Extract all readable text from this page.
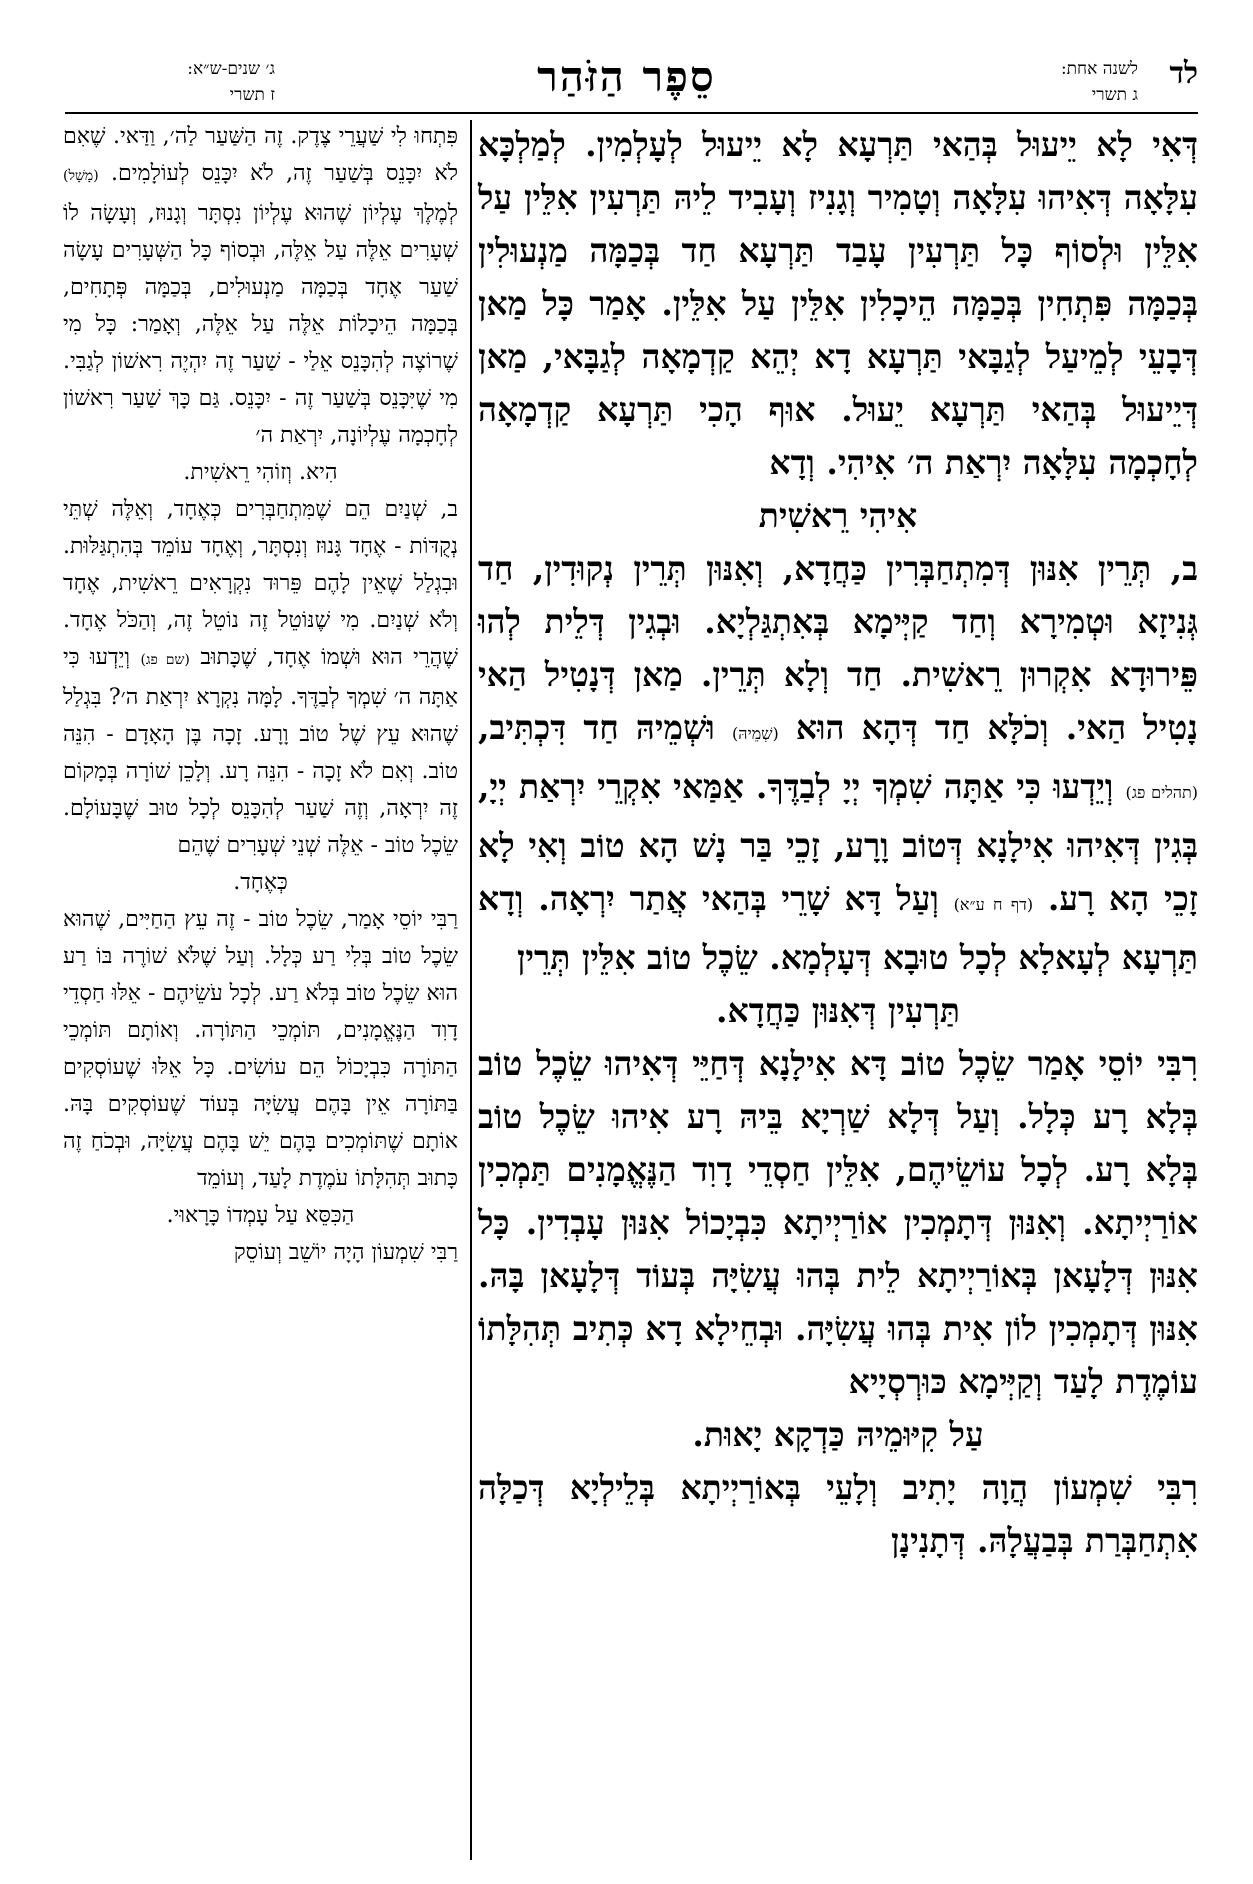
לד
לשנה אחת:
ג תשרי
סֵפֶר הַזֹּהַר
ג׳ שנים-ש״א:
ז תשרי

דְּאִי לָא יֵיעוּל בְּהַאי תַּרְעָא לָא יֵיעוּל לְעָלְמִין. לְמַלְכָּא עִלָּאָה דְּאִיהוּ עִלָּאָה וְטָמִיר וְגָנִיז וְעָבִיד לֵיהּ תַּרְעִין אִלֵּין עַל אִלֵּין וּלְסוֹף כָּל תַּרְעִין עָבַד תַּרְעָא חַד בְּכַמָּה מַנְעוּלִין בְּכַמָּה פִּתְחִין בְּכַמָּה הֵיכָלִין אִלֵּין עַל אִלֵּין. אָמַר כָּל מַאן דְּבָעֵי לְמֵיעַל לְגַבָּאי תַּרְעָא דָא יְהֵא קַדְמָאָה לְגַבָּאי, מַאן דְּיֵיעוּל בְּהַאי תַּרְעָא יֵעוּל. אוּף הָכִי תַּרְעָא קַדְמָאָה לְחָכְמָה עִלָּאָה יִרְאַת ה׳ אִיהִי. וְדָא

אִיהִי רֵאשִׁית

ב, תְּרֵין אִנּוּן דְּמִתְחַבְּרִין כַּחֲדָא, וְאִנּוּן תְּרֵין נְקוּדִין, חַד גְּנִיזָא וּטְמִירָא וְחַד קַיְּימָא בְּאִתְגַּלְיָא. וּבְגִין דְּלֵית לְהוּ פֵּירוּדָא אִקְרוּן רֵאשִׁית. חַד וְלָא תְּרֵין. מַאן דְּנָטִיל הַאי נָטִיל הַאי. וְכֹלָּא חַד דְּהָא הוּא (שְׁמֵיהּ) וּשְׁמֵיהּ חַד דִּכְתִּיב, (תהלים פג) וְיֵדְעוּ כִּי אַתָּה שִׁמְךָ יְיָ לְבַדֶּךָ. אַמַּאי אִקְרֵי יִרְאַת יְיָ, בְּגִין דְּאִיהוּ אִילָנָא דְּטוֹב וָרָע, זָכֵי בַּר נָשׁ הָא טוֹב וְאִי לָא זָכֵי הָא רָע. (דף ח ע״א) וְעַל דָּא שָׁרֵי בְּהַאי אֲתַר יִרְאָה. וְדָא תַּרְעָא לְעָאלָא לְכָל טוּבָא דְּעָלְמָא. שֵׂכֶל טוֹב אִלֵּין תְּרֵין

תַּרְעִין דְּאִנּוּן כַּחֲדָא.

רִבִּי יוֹסֵי אָמַר שֵׂכֶל טוֹב דָּא אִילָנָא דְּחַיֵּי דְּאִיהוּ שֵׂכֶל טוֹב בְּלָא רָע כְּלָל. וְעַל דְּלָא שַׁרְיָא בֵּיהּ רָע אִיהוּ שֵׂכֶל טוֹב בְּלָא רָע. לְכָל עוֹשֵׂיהֶם, אִלֵּין חַסְדֵי דָוִד הַנֶּאֱמָנִים תַּמְכִין אוֹרַיְיתָא. וְאִנּוּן דְּתָמְכִין אוֹרַיְיתָא כִּבְיָכוֹל אִנּוּן עָבְדִין. כָּל אִנּוּן דְּלָעָאן בְּאוֹרַיְיתָא לֵית בְּהוּ עֲשִׂיָּה בְּעוֹד דְּלָעָאן בָּהּ. אִנּוּן דְּתָמְכִין לוֹן אִית בְּהוּ עֲשִׂיָּה. וּבְחֵילָא דָא כְּתִיב תְּהִלָּתוֹ עוֹמֶדֶת לָעַד וְקַיְּימָא כּוּרְסְיָיא

עַל קִיּוּמֵיהּ כַּדְקָא יָאוּת.

רִבִּי שִׁמְעוֹן הֲוָה יָתִיב וְלָעֵי בְּאוֹרַיְיתָא בְּלֵילְיָא דְּכַלָּה אִתְחַבְּרַת בְּבַעֲלָהּ. דְּתָנִינָן

פִּתְחוּ לִי שַׁעֲרֵי צֶדֶק. זֶה הַשַּׁעַר לַה׳, וַדַּאי. שֶׁאִם לֹא יִכָּנֵס בְּשַׁעַר זֶה, לֹא יִכָּנֵס לְעוֹלָמִים. (מָשָׁל) לְמֶלֶךְ עֶלְיוֹן שֶׁהוּא עֶלְיוֹן נִסְתָּר וְגָנוּז, וְעָשָׂה לוֹ שְׁעָרִים אֵלֶּה עַל אֵלֶּה, וּבְסוֹף כָּל הַשְּׁעָרִים עָשָׂה שַׁעַר אֶחָד בְּכַמָּה מַנְעוּלִים, בְּכַמָּה פְּתָחִים, בְּכַמָּה הֵיכָלוֹת אֵלֶּה עַל אֵלֶּה, וְאָמַר: כָּל מִי שֶׁרוֹצֶה לְהִכָּנֵס אֵלַי - שַׁעַר זֶה יִהְיֶה רִאשׁוֹן לְגַבִּי. מִי שֶׁיִּכָּנֵס בְּשַׁעַר זֶה - יִכָּנֵס. גַּם כָּךְ שַׁעַר רִאשׁוֹן לְחָכְמָה עֶלְיוֹנָה, יִרְאַת ה׳

הִיא. וְזוֹהִי רֵאשִׁית.

ב, שְׁנַיִם הֵם שֶׁמִּתְחַבְּרִים כְּאֶחָד, וְאֵלֶּה שְׁתֵּי נְקֻדּוֹת - אֶחָד גָּנוּז וְנִסְתָּר, וְאֶחָד עוֹמֵד בְּהִתְגַּלּוּת. וּבִגְלַל שֶׁאֵין לָהֶם פֵּרוּד נִקְרָאִים רֵאשִׁית, אֶחָד וְלֹא שְׁנַיִם. מִי שֶׁנּוֹטֵל זֶה נוֹטֵל זֶה, וְהַכֹּל אֶחָד. שֶׁהֲרֵי הוּא וּשְׁמוֹ אֶחָד, שֶׁכָּתוּב (שם פג) וְיֵדְעוּ כִּי אַתָּה ה׳ שִׁמְךָ לְבַדֶּךָ. לָמָּה נִקְרָא יִרְאַת ה׳? בִּגְלַל שֶׁהוּא עֵץ שֶׁל טוֹב וָרָע. זָכָה בֶּן הָאָדָם - הִנֵּה טוֹב. וְאִם לֹא זָכָה - הִנֵּה רָע. וְלָכֵן שׁוֹרָה בְּמָקוֹם זֶה יִרְאָה, וְזֶה שַׁעַר לְהִכָּנֵס לְכָל טוּב שֶׁבָּעוֹלָם. שֵׂכֶל טוֹב - אֵלֶּה שְׁנֵי שְׁעָרִים שֶׁהֵם

כְּאֶחָד.

רַבִּי יוֹסֵי אָמַר, שֵׂכֶל טוֹב - זֶה עֵץ הַחַיִּים, שֶׁהוּא שֵׂכֶל טוֹב בְּלִי רַע כְּלָל. וְעַל שֶׁלֹּא שׁוֹרֶה בּוֹ רַע הוּא שֵׂכֶל טוֹב בְּלֹא רַע. לְכָל עֹשֵׂיהֶם - אֵלּוּ חַסְדֵי דָוִד הַנֶּאֱמָנִים, תּוֹמְכֵי הַתּוֹרָה. וְאוֹתָם תּוֹמְכֵי הַתּוֹרָה כִּבְיָכוֹל הֵם עוֹשִׂים. כָּל אֵלּוּ שֶׁעוֹסְקִים בַּתּוֹרָה אֵין בָּהֶם עֲשִׂיָּה בְּעוֹד שֶׁעוֹסְקִים בָּהּ. אוֹתָם שֶׁתּוֹמְכִים בָּהֶם יֵשׁ בָּהֶם עֲשִׂיָּה, וּבְכֹחַ זֶה כָּתוּב תְּהִלָּתוֹ עֹמֶדֶת לָעַד, וְעוֹמֵד

הַכִּסֵּא עַל עָמְדוֹ כָּרָאוּי.

רַבִּי שִׁמְעוֹן הָיָה יוֹשֵׁב וְעוֹסֵק
